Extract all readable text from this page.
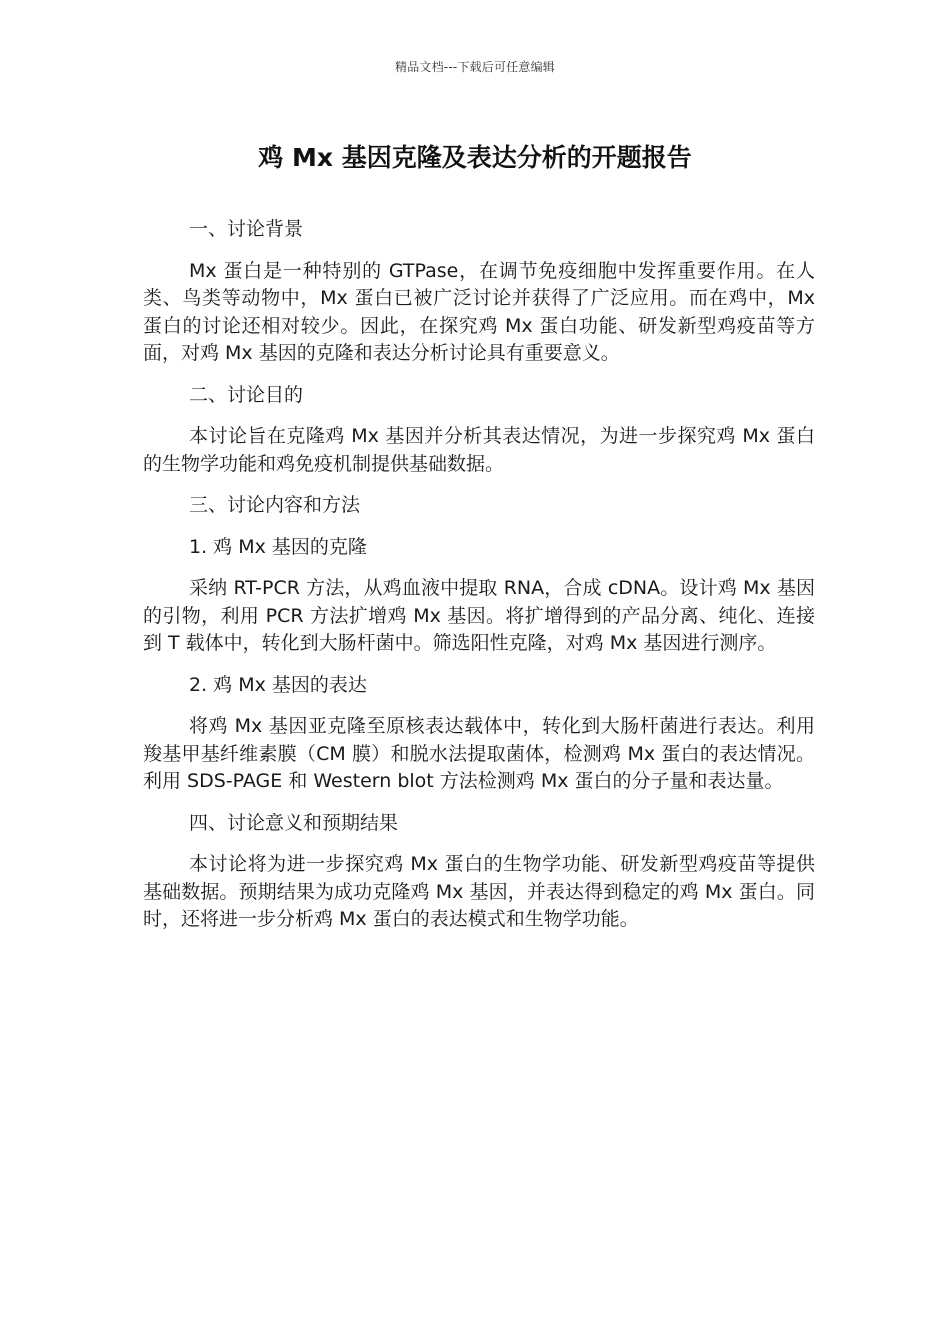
精品文档---下载后可任意编辑
鸡 Mx 基因克隆及表达分析的开题报告

一、讨论背景

Mx 蛋白是一种特别的 GTPase，在调节免疫细胞中发挥重要作用。在人类、鸟类等动物中，Mx 蛋白已被广泛讨论并获得了广泛应用。而在鸡中，Mx 蛋白的讨论还相对较少。因此，在探究鸡 Mx 蛋白功能、研发新型鸡疫苗等方面，对鸡 Mx 基因的克隆和表达分析讨论具有重要意义。

二、讨论目的

本讨论旨在克隆鸡 Mx 基因并分析其表达情况，为进一步探究鸡 Mx 蛋白的生物学功能和鸡免疫机制提供基础数据。

三、讨论内容和方法

1. 鸡 Mx 基因的克隆

采纳 RT-PCR 方法，从鸡血液中提取 RNA，合成 cDNA。设计鸡 Mx 基因的引物，利用 PCR 方法扩增鸡 Mx 基因。将扩增得到的产品分离、纯化、连接到 T 载体中，转化到大肠杆菌中。筛选阳性克隆，对鸡 Mx 基因进行测序。

2. 鸡 Mx 基因的表达

将鸡 Mx 基因亚克隆至原核表达载体中，转化到大肠杆菌进行表达。利用羧基甲基纤维素膜（CM 膜）和脱水法提取菌体，检测鸡 Mx 蛋白的表达情况。利用 SDS-PAGE 和 Western blot 方法检测鸡 Mx 蛋白的分子量和表达量。

四、讨论意义和预期结果

本讨论将为进一步探究鸡 Mx 蛋白的生物学功能、研发新型鸡疫苗等提供基础数据。预期结果为成功克隆鸡 Mx 基因，并表达得到稳定的鸡 Mx 蛋白。同时，还将进一步分析鸡 Mx 蛋白的表达模式和生物学功能。
